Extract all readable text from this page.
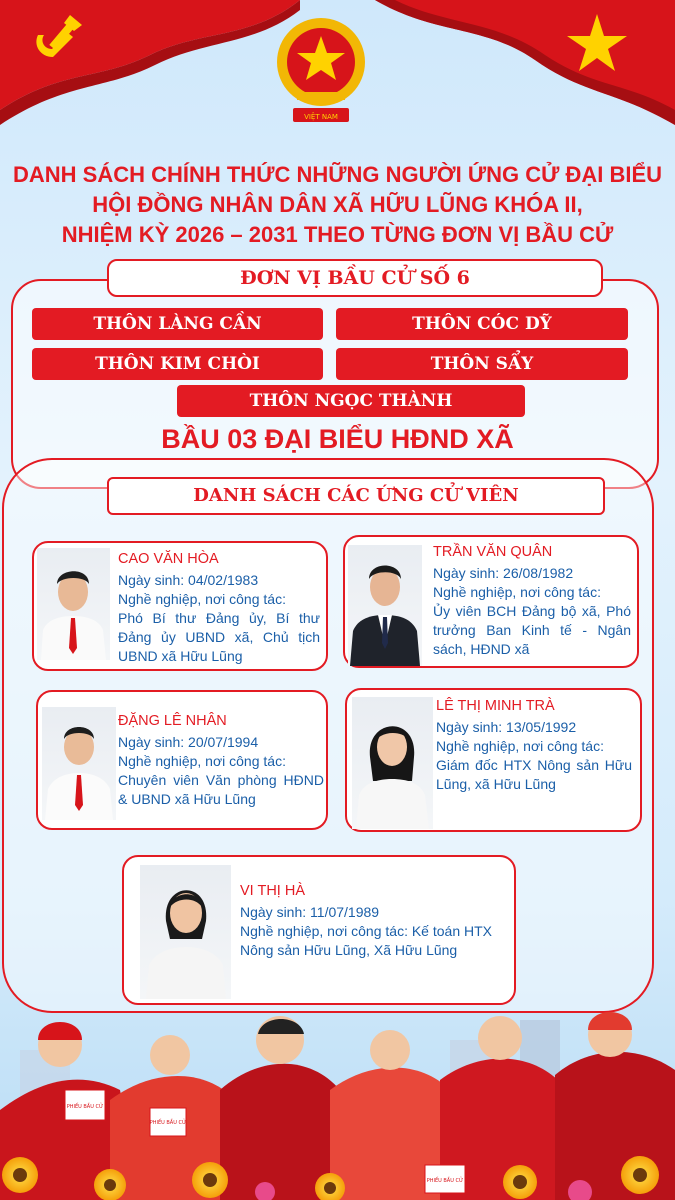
VIỆT NAM
DANH SÁCH CHÍNH THỨC NHỮNG NGƯỜI ỨNG CỬ ĐẠI BIỂU
HỘI ĐỒNG NHÂN DÂN XÃ HỮU LŨNG KHÓA II,
NHIỆM KỲ 2026 – 2031 THEO TỪNG ĐƠN VỊ BẦU CỬ
ĐƠN VỊ BẦU CỬ SỐ 6
THÔN LÀNG CẦN	THÔN CÓC DỸ
THÔN KIM CHÒI	THÔN SẨY
THÔN NGỌC THÀNH
BẦU 03 ĐẠI BIỂU HĐND XÃ
DANH SÁCH CÁC ỨNG CỬ VIÊN
CAO VĂN HÒA
Ngày sinh: 04/02/1983
Nghề nghiệp, nơi công tác:
Phó Bí thư Đảng ủy, Bí thư Đảng ủy UBND xã, Chủ tịch UBND xã Hữu Lũng
TRẦN VĂN QUÂN
Ngày sinh: 26/08/1982
Nghề nghiệp, nơi công tác:
Ủy viên BCH Đảng bộ xã, Phó trưởng Ban Kinh tế - Ngân sách, HĐND xã
ĐẶNG LÊ NHÂN
Ngày sinh: 20/07/1994
Nghề nghiệp, nơi công tác:
Chuyên viên Văn phòng HĐND & UBND xã Hữu Lũng
LÊ THỊ MINH TRÀ
Ngày sinh: 13/05/1992
Nghề nghiệp, nơi công tác:
Giám đốc HTX Nông sản Hữu Lũng, xã Hữu Lũng
VI THỊ HÀ
Ngày sinh: 11/07/1989
Nghề nghiệp, nơi công tác: Kế toán HTX
Nông sản Hữu Lũng, Xã Hữu Lũng
PHIẾU BẦU CỬ
PHIẾU BẦU CỬ
PHIẾU BẦU CỬ
